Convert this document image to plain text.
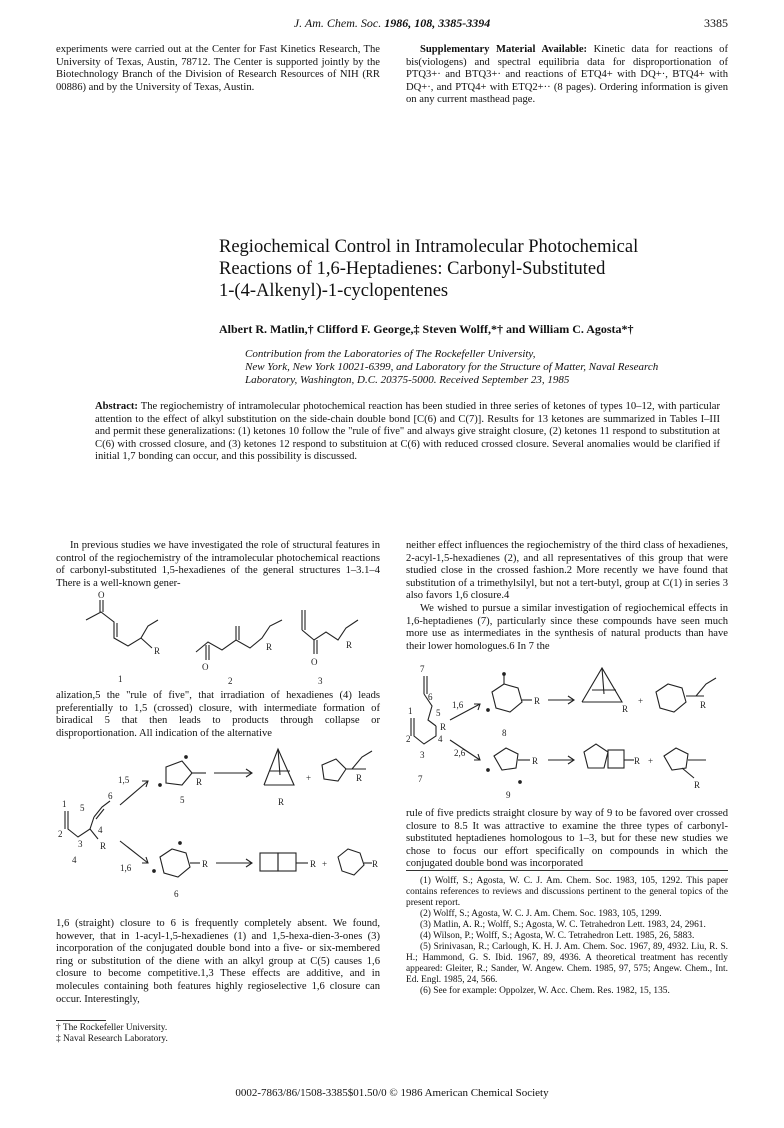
J. Am. Chem. Soc. 1986, 108, 3385-3394	3385

experiments were carried out at the Center for Fast Kinetics Research, The University of Texas, Austin, 78712. The Center is supported jointly by the Biotechnology Branch of the Division of Research Resources of NIH (RR 00886) and by the University of Texas, Austin.

Supplementary Material Available: Kinetic data for reactions of bis(viologens) and spectral equilibria data for disproportionation of PTQ3+· and BTQ3+· and reactions of ETQ4+ with DQ+·, BTQ4+ with DQ+·, and PTQ4+ with ETQ2+·· (8 pages). Ordering information is given on any current masthead page.

Regiochemical Control in Intramolecular Photochemical
Reactions of 1,6-Heptadienes: Carbonyl-Substituted
1-(4-Alkenyl)-1-cyclopentenes
Albert R. Matlin,† Clifford F. George,‡ Steven Wolff,*† and William C. Agosta*†
Contribution from the Laboratories of The Rockefeller University,
New York, New York 10021-6399, and Laboratory for the Structure of Matter, Naval Research
Laboratory, Washington, D.C. 20375-5000. Received September 23, 1985
Abstract: The regiochemistry of intramolecular photochemical reaction has been studied in three series of ketones of types 10–12, with particular attention to the effect of alkyl substitution on the side-chain double bond [C(6) and C(7)]. Results for 13 ketones are summarized in Tables I–III and permit these generalizations: (1) ketones 10 follow the "rule of five" and always give straight closure, (2) ketones 11 respond to substitution at C(6) with crossed closure, and (3) ketones 12 respond to substituion at C(6) with reduced crossed closure. Several anomalies would be clarified if initial 1,7 bonding can occur, and this possibility is discussed.

In previous studies we have investigated the role of structural features in control of the regiochemistry of the intramolecular photochemical reactions of carbonyl-substituted 1,5-hexadienes of the general structures 1–3.1–4 There is a well-known gener-

O
R
1
O
R
2
O
R
3

alization,5 the "rule of five", that irradiation of hexadienes (4) leads preferentially to 1,5 (crossed) closure, with intermediate formation of biradical 5 that then leads to products through collapse or disproportionation. All indication of the alternative

1 5
6
2
3
4
R
4
1,5
1,6
R
5	R
+	R
R
6
R +	R

1,6 (straight) closure to 6 is frequently completely absent. We found, however, that in 1-acyl-1,5-hexadienes (1) and 1,5-hexa-dien-3-ones (3) incorporation of the conjugated double bond into a five- or six-membered ring or substitution of the diene with an alkyl group at C(5) causes 1,6 closure to become competitive.1,3 These effects are additive, and in molecules containing both features highly regioselective 1,6 closure can occur. Interestingly,

† The Rockefeller University.
‡ Naval Research Laboratory.

neither effect influences the regiochemistry of the third class of hexadienes, 2-acyl-1,5-hexadienes (2), and all representatives of this group that were studied close in the crossed fashion.2 More recently we have found that substitution of a trimethylsilyl, but not a tert-butyl, group at C(1) in series 3 also favors 1,6 closure.4

We wished to pursue a similar investigation of regiochemical effects in 1,6-heptadienes (7), particularly since these compounds have seen much more use as intermediates in the synthesis of natural products than have their lower homologues.6 In 7 the

7
6
5
1
2
3
4
R
7
1,6
2,6
R
8
R
+	R
R
9
R +
R

rule of five predicts straight closure by way of 9 to be favored over crossed closure to 8.5 It was attractive to examine the three types of carbonyl-substituted heptadienes homologous to 1–3, but for these new studies we chose to focus our effort specifically on compounds in which the conjugated double bond was incorporated

(1) Wolff, S.; Agosta, W. C. J. Am. Chem. Soc. 1983, 105, 1292. This paper contains references to reviews and discussions pertinent to the general topics of the present report.
(2) Wolff, S.; Agosta, W. C. J. Am. Chem. Soc. 1983, 105, 1299.
(3) Matlin, A. R.; Wolff, S.; Agosta, W. C. Tetrahedron Lett. 1983, 24, 2961.
(4) Wilson, P.; Wolff, S.; Agosta, W. C. Tetrahedron Lett. 1985, 26, 5883.
(5) Srinivasan, R.; Carlough, K. H. J. Am. Chem. Soc. 1967, 89, 4932. Liu, R. S. H.; Hammond, G. S. Ibid. 1967, 89, 4936. A theoretical treatment has recently appeared: Gleiter, R.; Sander, W. Angew. Chem. 1985, 97, 575; Angew. Chem., Int. Ed. Engl. 1985, 24, 566.
(6) See for example: Oppolzer, W. Acc. Chem. Res. 1982, 15, 135.
0002-7863/86/1508-3385$01.50/0 © 1986 American Chemical Society
